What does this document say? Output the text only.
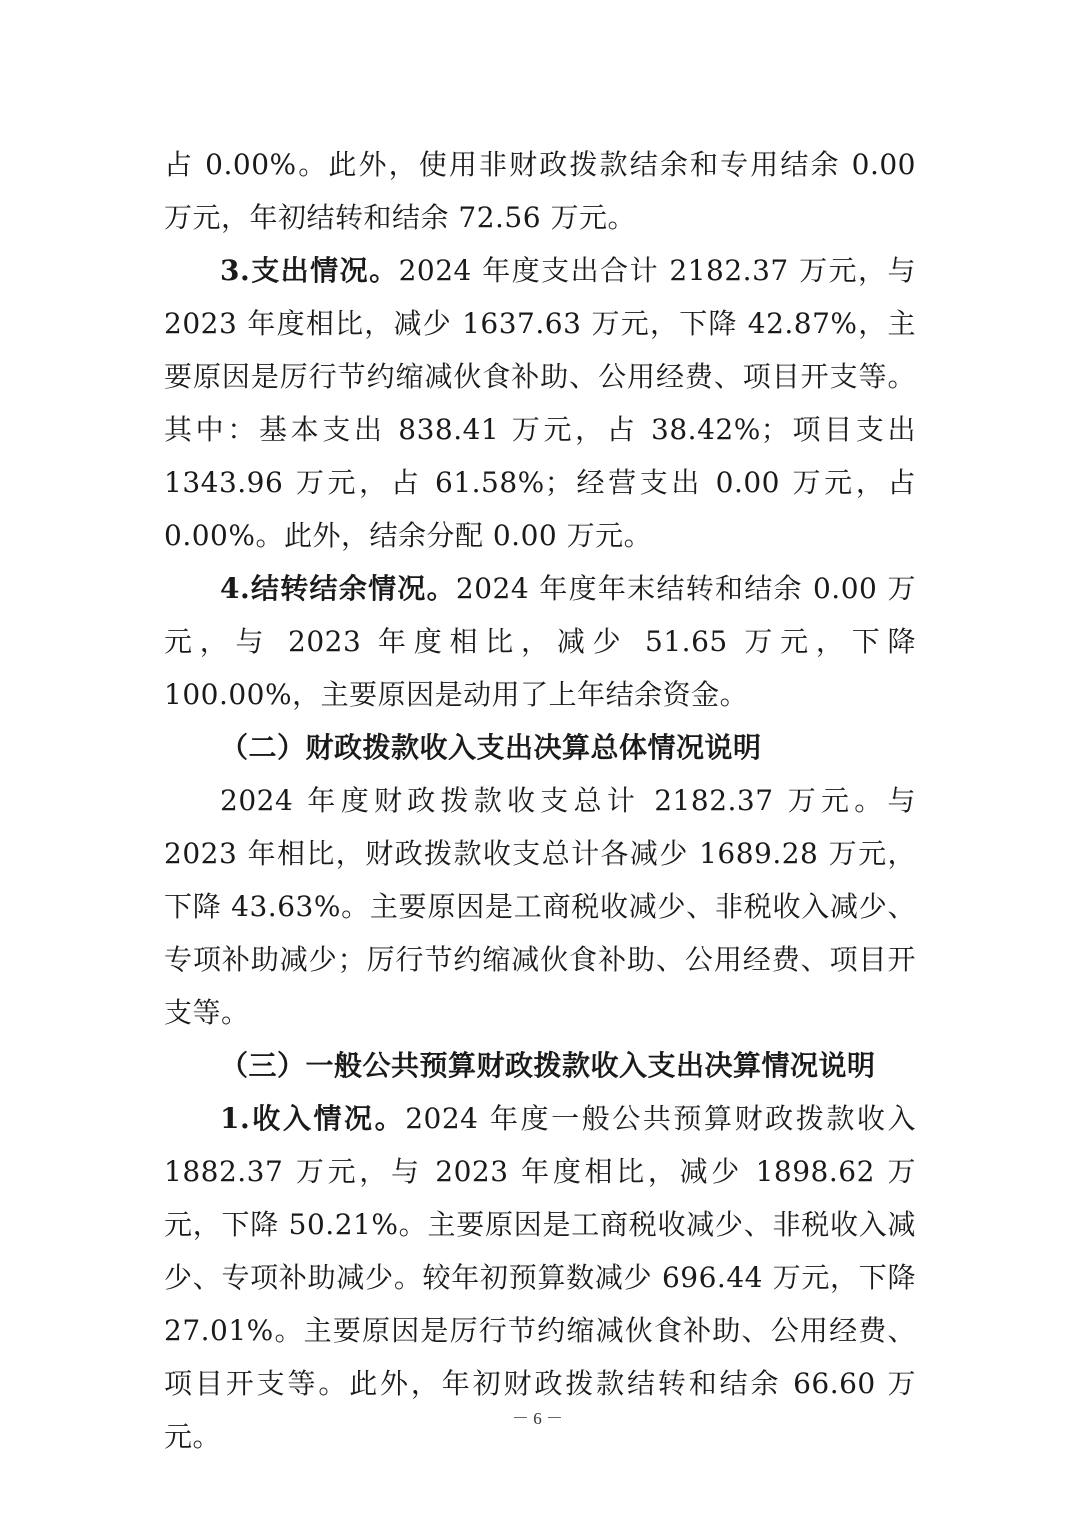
占 0.00%。此外，使用非财政拨款结余和专用结余 0.00 万元，年初结转和结余 72.56 万元。

3.支出情况。2024 年度支出合计 2182.37 万元，与 2023 年度相比，减少 1637.63 万元，下降 42.87%，主要原因是厉行节约缩减伙食补助、公用经费、项目开支等。其中：基本支出 838.41 万元，占 38.42%；项目支出 1343.96 万元，占 61.58%；经营支出 0.00 万元，占 0.00%。此外，结余分配 0.00 万元。

4.结转结余情况。2024 年度年末结转和结余 0.00 万元，与 2023 年度相比，减少 51.65 万元，下降 100.00%，主要原因是动用了上年结余资金。

（二）财政拨款收入支出决算总体情况说明

2024 年度财政拨款收支总计 2182.37 万元。与 2023 年相比，财政拨款收支总计各减少 1689.28 万元，下降 43.63%。主要原因是工商税收减少、非税收入减少、专项补助减少；厉行节约缩减伙食补助、公用经费、项目开支等。

（三）一般公共预算财政拨款收入支出决算情况说明

1.收入情况。2024 年度一般公共预算财政拨款收入 1882.37 万元，与 2023 年度相比，减少 1898.62 万元，下降 50.21%。主要原因是工商税收减少、非税收入减少、专项补助减少。较年初预算数减少 696.44 万元，下降 27.01%。主要原因是厉行节约缩减伙食补助、公用经费、项目开支等。此外，年初财政拨款结转和结余 66.60 万元。

－ 6 －
